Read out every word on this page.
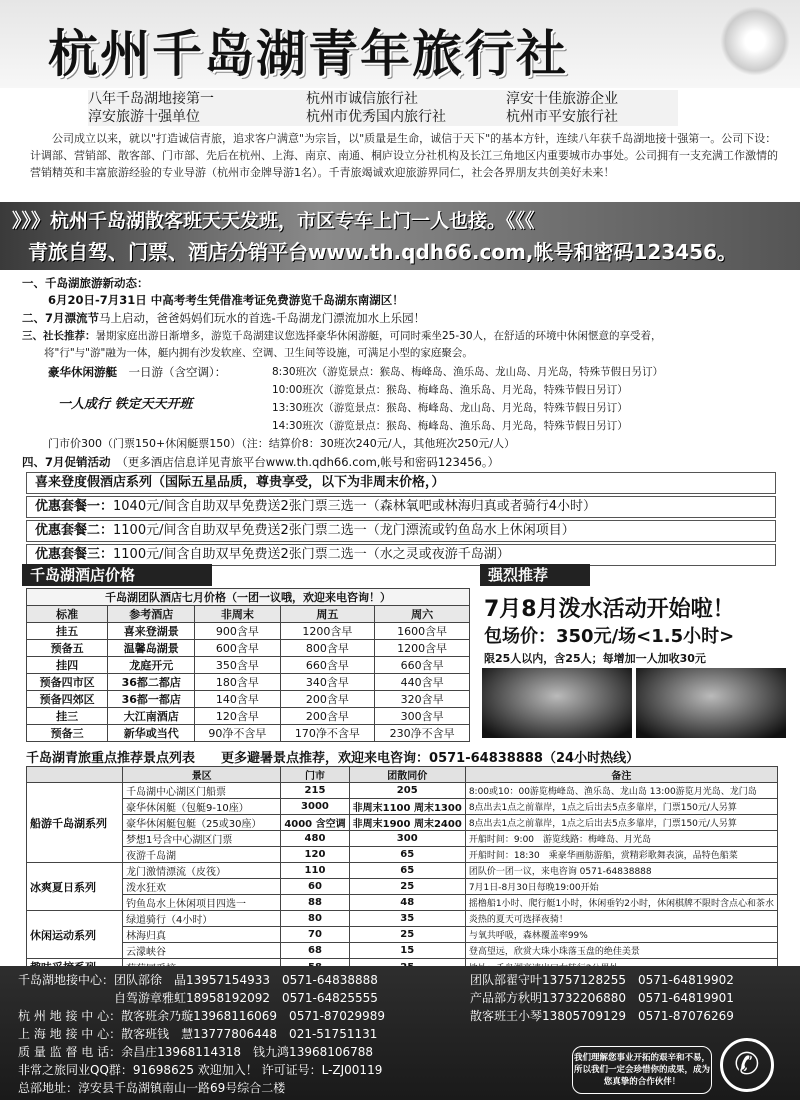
杭州千岛湖青年旅行社
八年千岛湖地接第一	杭州市诚信旅行社	淳安十佳旅游企业
淳安旅游十强单位	杭州市优秀国内旅行社	杭州市平安旅行社
公司成立以来，就以"打造诚信青旅，追求客户满意"为宗旨，以"质量是生命，诚信于天下"的基本方针，连续八年获千岛湖地接十强第一。公司下设：计调部、营销部、散客部、门市部、先后在杭州、上海、南京、南通、桐庐设立分社机构及长江三角地区内重要城市办事处。公司拥有一支充满工作激情的营销精英和丰富旅游经验的专业导游（杭州市金牌导游1名）。千青旅竭诚欢迎旅游界同仁，社会各界朋友共创美好未来！
》》》杭州千岛湖散客班天天发班，市区专车上门一人也接。《《《
青旅自驾、门票、酒店分销平台www.th.qdh66.com,帐号和密码123456。
一、千岛湖旅游新动态：
6月20日-7月31日 中高考考生凭借准考证免费游览千岛湖东南湖区！
二、7月漂流节马上启动，爸爸妈妈们玩水的首选-千岛湖龙门漂流加水上乐园！
三、社长推荐：暑期家庭出游日渐增多，游览千岛湖建议您选择豪华休闲游艇，可同时乘坐25-30人，在舒适的环境中休闲惬意的享受着，
将"行"与"游"融为一体，艇内拥有沙发软座、空调、卫生间等设施，可满足小型的家庭聚会。
豪华休闲游艇　 一日游（含空调）：
一人成行 铁定天天开班
8:30班次（游览景点：猴岛、梅峰岛、渔乐岛、龙山岛、月光岛，特殊节假日另订）
10:00班次（游览景点：猴岛、梅峰岛、渔乐岛、月光岛，特殊节假日另订）
13:30班次（游览景点：猴岛、梅峰岛、龙山岛、月光岛，特殊节假日另订）
14:30班次（游览景点：猴岛、梅峰岛、渔乐岛、月光岛，特殊节假日另订）
门市价300（门票150+休闲艇票150）（注：结算价8：30班次240元/人，其他班次250元/人）
四、7月促销活动　 （更多酒店信息详见青旅平台www.th.qdh66.com,帐号和密码123456。）
喜来登度假酒店系列（国际五星品质，尊贵享受，以下为非周末价格，）
优惠套餐一：1040元/间含自助双早免费送2张门票三选一（森林氧吧或林海归真或者骑行4小时）
优惠套餐二：1100元/间含自助双早免费送2张门票二选一（龙门漂流或钓鱼岛水上休闲项目）
优惠套餐三：1100元/间含自助双早免费送2张门票二选一（水之灵或夜游千岛湖）
千岛湖酒店价格
千岛湖团队酒店七月价格（一团一议哦，欢迎来电咨询！）				
标准	参考酒店	非周末	周五	周六
挂五	喜来登湖景	900含早	1200含早	1600含早
预备五	温馨岛湖景	600含早	800含早	1200含早
挂四	龙庭开元	350含早	660含早	660含早
预备四市区	36都二都店	180含早	340含早	440含早
预备四郊区	36都一都店	140含早	200含早	320含早
挂三	大江南酒店	120含早	200含早	300含早
预备三	新华或当代	90净不含早	170净不含早	230净不含早
强烈推荐
7月8月泼水活动开始啦！
包场价：350元/场<1.5小时>
限25人以内，含25人；每增加一人加收30元
千岛湖青旅重点推荐景点列表　　 更多避暑景点推荐，欢迎来电咨询：0571-64838888（24小时热线）
	景区	门市	团散同价	备注
船游千岛湖系列	千岛湖中心湖区门船票	215	205	8:00或10：00游览梅峰岛、渔乐岛、龙山岛 13:00游览月光岛、龙门岛
	豪华休闲艇（包艇9-10座）	3000	非周末1100 周末1300	8点出去1点之前靠岸，1点之后出去5点多靠岸，门票150元/人另算
	豪华休闲艇包艇（25或30座）	4000 含空调	非周末1900 周末2400	8点出去1点之前靠岸，1点之后出去5点多靠岸，门票150元/人另算
	梦想1号含中心湖区门票	480	300	开船时间：9:00　游览线路：梅峰岛、月光岛
	夜游千岛湖	120	65	开船时间：18:30　乘豪华画舫游船，赏精彩歌舞表演，品特色船菜
冰爽夏日系列	龙门激情漂流（皮筏）	110	65	团队价一团一议，来电咨询 0571-64838888
	泼水狂欢	60	25	7月1日-8月30日每晚19:00开始
	钓鱼岛水上休闲项目四选一	88	48	摇橹船1小时、爬行艇1小时，休闲垂钓2小时，休闲棋牌不限时含点心和茶水
休闲运动系列	绿道骑行（4小时）	80	35	炎热的夏天可选择夜骑！
	林海归真	70	25	与氧共呼吸，森林覆盖率99%
	云濛峡谷	68	15	登高望远，欣赏大珠小珠落玉盘的绝佳美景

千岛湖地接中心：团队部徐　晶13957154933　0571-64838888	团队部翟守叶13757128255　0571-64819902
　　　　　　　　自驾游章雅虹18958192092　0571-64825555	产品部方秋明13732206880　0571-64819901
杭 州 地 接 中 心：散客班余乃璇13968116069　0571-87029989	散客班王小琴13805709129　0571-87076269
上 海 地 接 中 心：散客班钱　慧13777806448　021-51751131
质 量 监 督 电 话：余昌庄13968114318　钱九鸿13968106788
非常之旅同业QQ群：91698625 欢迎加入！ 许可证号：L-ZJ00119
总部地址：淳安县千岛湖镇南山一路69号综合二楼
我们理解您事业开拓的艰辛和不易，所以我们一定会珍惜你的成果，成为您真挚的合作伙伴！	✆
